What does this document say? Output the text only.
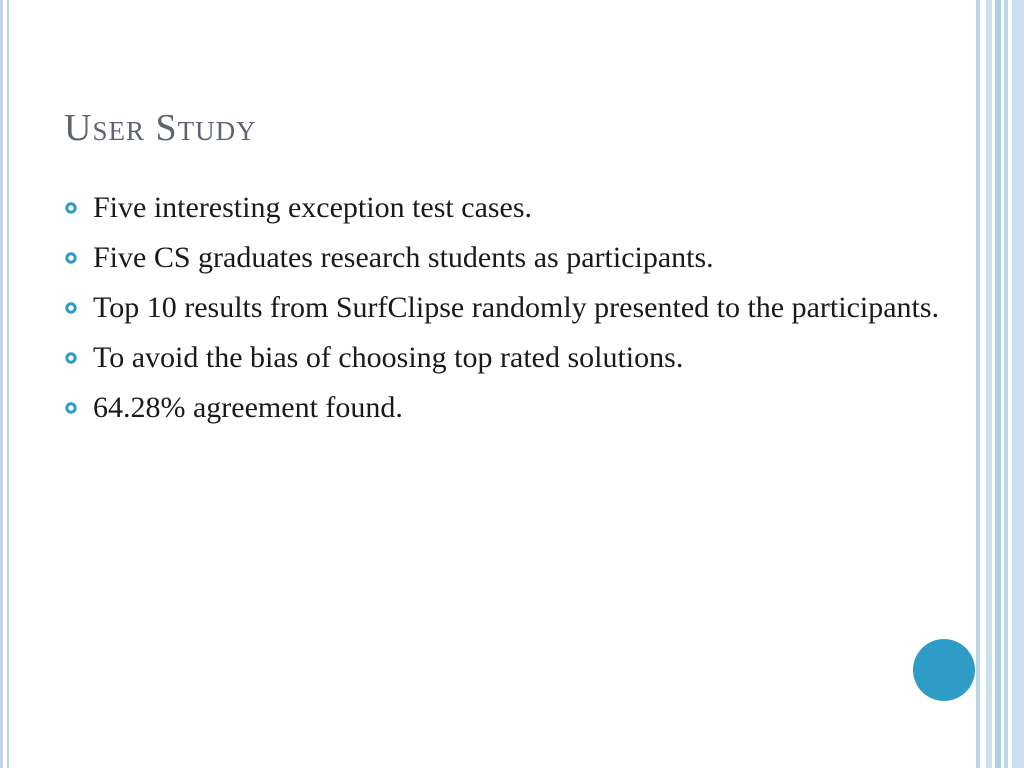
User Study
Five interesting exception test cases.
Five CS graduates research students as participants.
Top 10 results from SurfClipse randomly presented to the participants.
To avoid the bias of choosing top rated solutions.
64.28% agreement found.
